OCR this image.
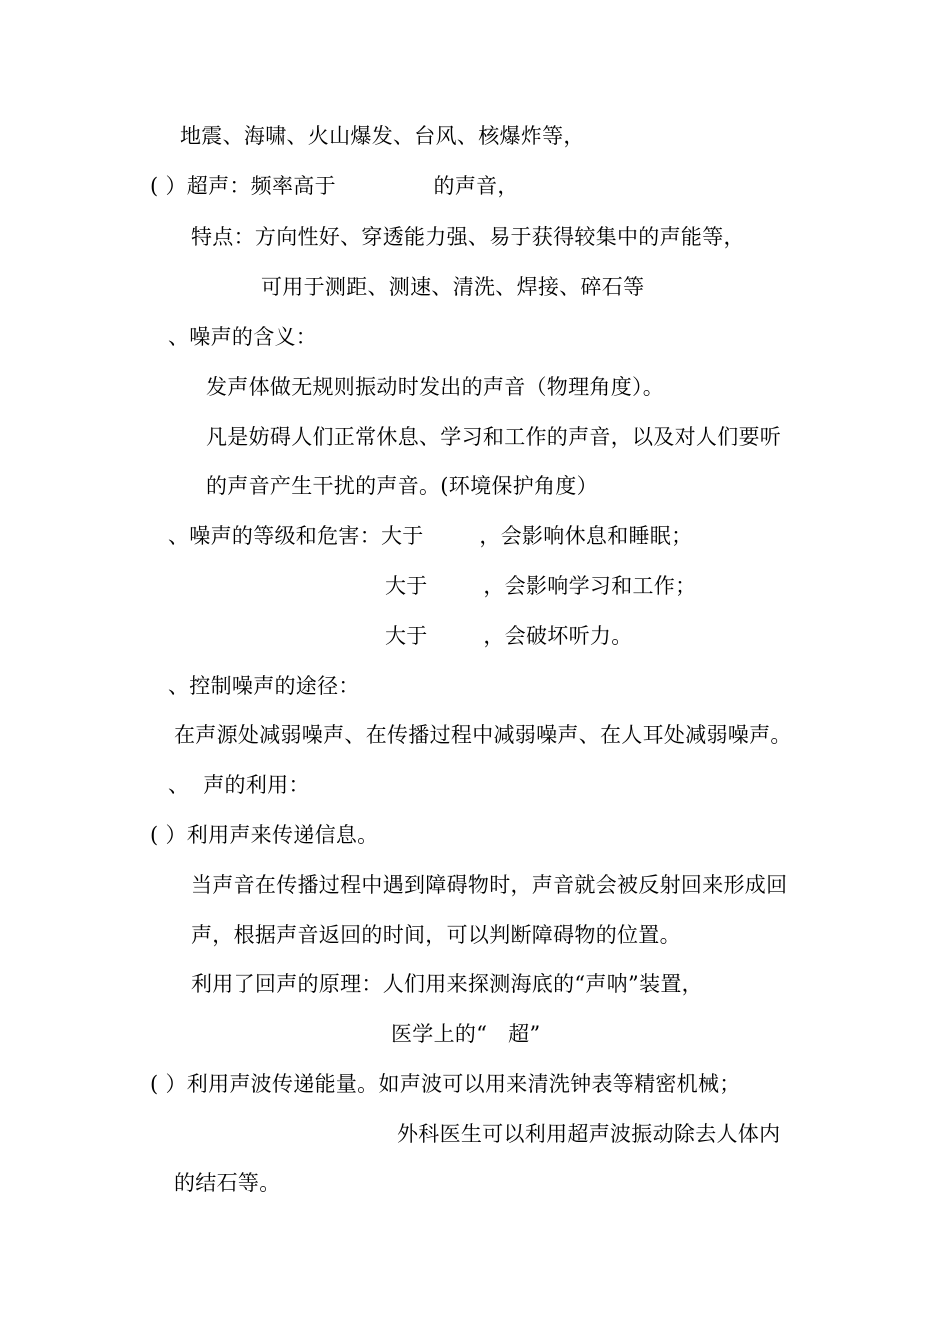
地震、海啸、火山爆发、台风、核爆炸等，
( ）超声：频率高于              的声音，
特点：方向性好、穿透能力强、易于获得较集中的声能等，
可用于测距、测速、清洗、焊接、碎石等
、噪声的含义：
发声体做无规则振动时发出的声音（物理角度）。
凡是妨碍人们正常休息、学习和工作的声音，以及对人们要听
的声音产生干扰的声音。(环境保护角度）
、噪声的等级和危害：大于        ，会影响休息和睡眠；
大于        ，会影响学习和工作；
大于        ，会破坏听力。
、控制噪声的途径：
在声源处减弱噪声、在传播过程中减弱噪声、在人耳处减弱噪声。
、  声的利用：
( ）利用声来传递信息。
当声音在传播过程中遇到障碍物时，声音就会被反射回来形成回
声，根据声音返回的时间，可以判断障碍物的位置。
利用了回声的原理：人们用来探测海底的“声呐”装置，
医学上的“   超”
( ）利用声波传递能量。如声波可以用来清洗钟表等精密机械；
外科医生可以利用超声波振动除去人体内
的结石等。
